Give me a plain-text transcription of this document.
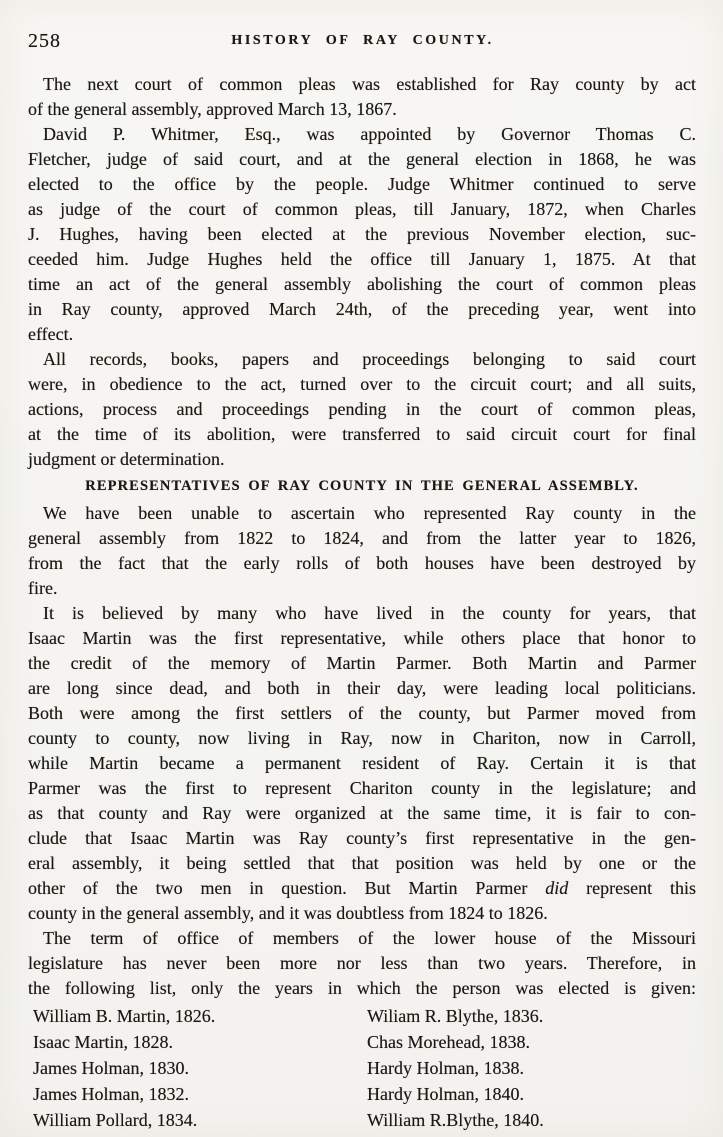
258	HISTORY OF RAY COUNTY.
The next court of common pleas was established for Ray county by act
of the general assembly, approved March 13, 1867.
David P. Whitmer, Esq., was appointed by Governor Thomas C.
Fletcher, judge of said court, and at the general election in 1868, he was
elected to the office by the people. Judge Whitmer continued to serve
as judge of the court of common pleas, till January, 1872, when Charles
J. Hughes, having been elected at the previous November election, suc-
ceeded him. Judge Hughes held the office till January 1, 1875. At that
time an act of the general assembly abolishing the court of common pleas
in Ray county, approved March 24th, of the preceding year, went into
effect.
All records, books, papers and proceedings belonging to said court
were, in obedience to the act, turned over to the circuit court; and all suits,
actions, process and proceedings pending in the court of common pleas,
at the time of its abolition, were transferred to said circuit court for final
judgment or determination.
REPRESENTATIVES OF RAY COUNTY IN THE GENERAL ASSEMBLY.
We have been unable to ascertain who represented Ray county in the
general assembly from 1822 to 1824, and from the latter year to 1826,
from the fact that the early rolls of both houses have been destroyed by
fire.
It is believed by many who have lived in the county for years, that
Isaac Martin was the first representative, while others place that honor to
the credit of the memory of Martin Parmer. Both Martin and Parmer
are long since dead, and both in their day, were leading local politicians.
Both were among the first settlers of the county, but Parmer moved from
county to county, now living in Ray, now in Chariton, now in Carroll,
while Martin became a permanent resident of Ray. Certain it is that
Parmer was the first to represent Chariton county in the legislature; and
as that county and Ray were organized at the same time, it is fair to con-
clude that Isaac Martin was Ray county’s first representative in the gen-
eral assembly, it being settled that that position was held by one or the
other of the two men in question. But Martin Parmer did represent this
county in the general assembly, and it was doubtless from 1824 to 1826.
The term of office of members of the lower house of the Missouri
legislature has never been more nor less than two years. Therefore, in
the following list, only the years in which the person was elected is given:
William B. Martin, 1826.	Wiliam R. Blythe, 1836.
Isaac Martin, 1828.	Chas Morehead, 1838.
James Holman, 1830.	Hardy Holman, 1838.
James Holman, 1832.	Hardy Holman, 1840.
William Pollard, 1834.	William R.Blythe, 1840.
